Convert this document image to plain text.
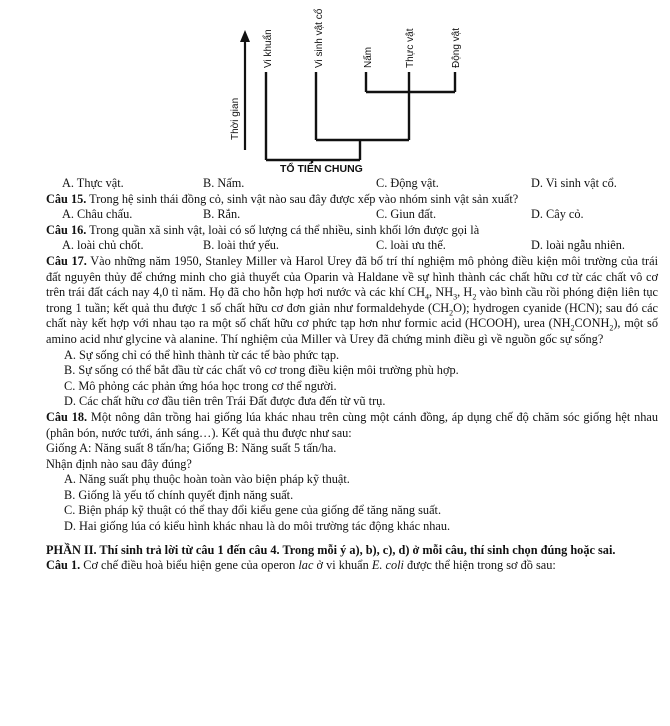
Vi khuẩn	Vi sinh vật cổ	Nấm	Thực vật	Động vật
Thời gian
TỔ TIÊN CHUNG
A. Thực vật.	B. Nấm.	C. Động vật.	D. Vi sinh vật cổ.

Câu 15. Trong hệ sinh thái đồng cỏ, sinh vật nào sau đây được xếp vào nhóm sinh vật sản xuất?

A. Châu chấu.	B. Rắn.	C. Giun đất.	D. Cây cỏ.

Câu 16. Trong quần xã sinh vật, loài có số lượng cá thể nhiều, sinh khối lớn được gọi là

A. loài chủ chốt.	B. loài thứ yếu.	C. loài ưu thế.	D. loài ngẫu nhiên.

Câu 17. Vào những năm 1950, Stanley Miller và Harol Urey đã bố trí thí nghiệm mô phỏng điều kiện môi trường của trái đất nguyên thủy để chứng minh cho giả thuyết của Oparin và Haldane về sự hình thành các chất hữu cơ từ các chất vô cơ trên trái đất cách nay 4,0 tỉ năm. Họ đã cho hỗn hợp hơi nước và các khí $CH_4$, $NH_3$, $H_2$ vào bình cầu rồi phóng điện liên tục trong 1 tuần; kết quả thu được 1 số chất hữu cơ đơn giản như formaldehyde $(CH_2O)$; hydrogen cyanide (HCN); sau đó các chất này kết hợp với nhau tạo ra một số chất hữu cơ phức tạp hơn như formic acid (HCOOH), urea $(NH_2CONH_2)$, một số amino acid như glycine và alanine. Thí nghiệm của Miller và Urey đã chứng minh điều gì về nguồn gốc sự sống?

A. Sự sống chỉ có thể hình thành từ các tế bào phức tạp.

B. Sự sống có thể bắt đầu từ các chất vô cơ trong điều kiện môi trường phù hợp.

C. Mô phỏng các phản ứng hóa học trong cơ thể người.

D. Các chất hữu cơ đầu tiên trên Trái Đất được đưa đến từ vũ trụ.

Câu 18. Một nông dân trồng hai giống lúa khác nhau trên cùng một cánh đồng, áp dụng chế độ chăm sóc giống hệt nhau (phân bón, nước tưới, ánh sáng…). Kết quả thu được như sau:

Giống A: Năng suất 8 tấn/ha; Giống B: Năng suất 5 tấn/ha.

Nhận định nào sau đây đúng?

A. Năng suất phụ thuộc hoàn toàn vào biện pháp kỹ thuật.

B. Giống là yếu tố chính quyết định năng suất.

C. Biện pháp kỹ thuật có thể thay đổi kiểu gene của giống để tăng năng suất.

D. Hai giống lúa có kiểu hình khác nhau là do môi trường tác động khác nhau.

PHẦN II. Thí sinh trả lời từ câu 1 đến câu 4. Trong mỗi ý a), b), c), d) ở mỗi câu, thí sinh chọn đúng hoặc sai.

Câu 1. Cơ chế điều hoà biểu hiện gene của operon lac ở vi khuẩn E. coli được thể hiện trong sơ đồ sau:
